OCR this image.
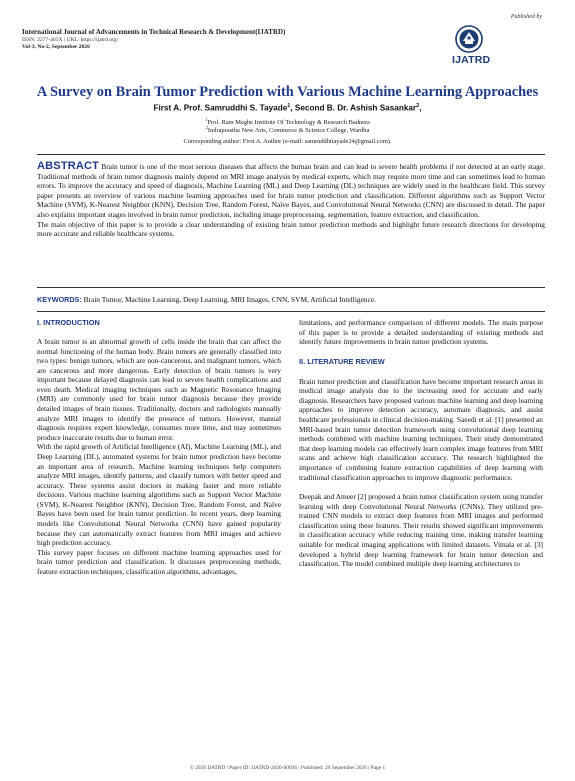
International Journal of Advancements in Technical Research & Development(IJATRD)
ISSN: 2277-405X | URL: https://ijatrd.org/
Vol-3, No-2, September 2026
Published by
IJATRD
A Survey on Brain Tumor Prediction with Various Machine Learning Approaches
First A. Prof. Samruddhi S. Tayade$^1$, Second B. Dr. Ashish Sasankar$^2$,
$^1$Prof. Ram Meghe Institute Of Technology & Research Badnera
$^2$Indraprastha New Arts, Commerce & Science College, Wardha
Corresponding author: First A. Author (e-mail: samruddhitayade24@gmail.com).

ABSTRACT Brain tumor is one of the most serious diseases that affects the human brain and can lead to severe health problems if not detected at an early stage. Traditional methods of brain tumor diagnosis mainly depend on MRI image analysis by medical experts, which may require more time and can sometimes lead to human errors. To improve the accuracy and speed of diagnosis, Machine Learning (ML) and Deep Learning (DL) techniques are widely used in the healthcare field. This survey paper presents an overview of various machine learning approaches used for brain tumor prediction and classification. Different algorithms such as Support Vector Machine (SVM), K-Nearest Neighbor (KNN), Decision Tree, Random Forest, Naïve Bayes, and Convolutional Neural Networks (CNN) are discussed in detail. The paper also explains important stages involved in brain tumor prediction, including image preprocessing, segmentation, feature extraction, and classification.

The main objective of this paper is to provide a clear understanding of existing brain tumor prediction methods and highlight future research directions for developing more accurate and reliable healthcare systems.

KEYWORDS: Brain Tumor, Machine Learning, Deep Learning, MRI Images, CNN, SVM, Artificial Intelligence.
I. INTRODUCTION

A brain tumor is an abnormal growth of cells inside the brain that can affect the normal functioning of the human body. Brain tumors are generally classified into two types: benign tumors, which are non-cancerous, and malignant tumors, which are cancerous and more dangerous. Early detection of brain tumors is very important because delayed diagnosis can lead to severe health complications and even death. Medical imaging techniques such as Magnetic Resonance Imaging (MRI) are commonly used for brain tumor diagnosis because they provide detailed images of brain tissues. Traditionally, doctors and radiologists manually analyze MRI images to identify the presence of tumors. However, manual diagnosis requires expert knowledge, consumes more time, and may sometimes produce inaccurate results due to human error.

With the rapid growth of Artificial Intelligence (AI), Machine Learning (ML), and Deep Learning (DL), automated systems for brain tumor prediction have become an important area of research. Machine learning techniques help computers analyze MRI images, identify patterns, and classify tumors with better speed and accuracy. These systems assist doctors in making faster and more reliable decisions. Various machine learning algorithms such as Support Vector Machine (SVM), K-Nearest Neighbor (KNN), Decision Tree, Random Forest, and Naïve Bayes have been used for brain tumor prediction. In recent years, deep learning models like Convolutional Neural Networks (CNN) have gained popularity because they can automatically extract features from MRI images and achieve high prediction accuracy.

This survey paper focuses on different machine learning approaches used for brain tumor prediction and classification. It discusses preprocessing methods, feature extraction techniques, classification algorithms, advantages,

limitations, and performance comparison of different models. The main purpose of this paper is to provide a detailed understanding of existing methods and identify future improvements in brain tumor prediction systems.

II. LITERATURE REVIEW

Brain tumor prediction and classification have become important research areas in medical image analysis due to the increasing need for accurate and early diagnosis. Researchers have proposed various machine learning and deep learning approaches to improve detection accuracy, automate diagnosis, and assist healthcare professionals in clinical decision-making. Saeedi et al. [1] presented an MRI-based brain tumor detection framework using convolutional deep learning methods combined with machine learning techniques. Their study demonstrated that deep learning models can effectively learn complex image features from MRI scans and achieve high classification accuracy. The research highlighted the importance of combining feature extraction capabilities of deep learning with traditional classification approaches to improve diagnostic performance.

Deepak and Ameer [2] proposed a brain tumor classification system using transfer learning with deep Convolutional Neural Networks (CNNs). They utilized pre-trained CNN models to extract deep features from MRI images and performed classification using these features. Their results showed significant improvements in classification accuracy while reducing training time, making transfer learning suitable for medical imaging applications with limited datasets. Vimala et al. [3] developed a hybrid deep learning framework for brain tumor detection and classification. The model combined multiple deep learning architectures to

© 2026 IJATRD | Paper ID: IJATRD-2026-00036 | Published: 29 September 2026 | Page 1
